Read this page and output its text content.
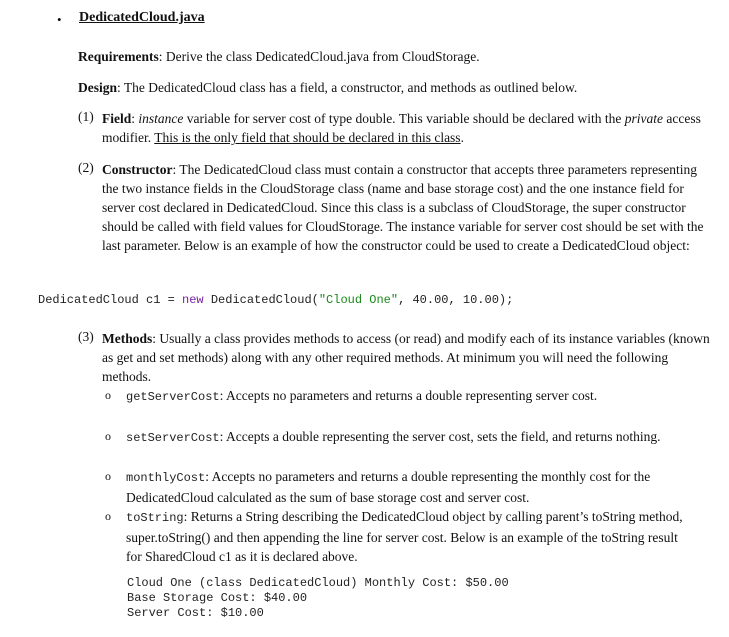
• DedicatedCloud.java
Requirements: Derive the class DedicatedCloud.java from CloudStorage.
Design: The DedicatedCloud class has a field, a constructor, and methods as outlined below.
(1) Field: instance variable for server cost of type double. This variable should be declared with the private access modifier. This is the only field that should be declared in this class.
(2) Constructor: The DedicatedCloud class must contain a constructor that accepts three parameters representing the two instance fields in the CloudStorage class (name and base storage cost) and the one instance field for server cost declared in DedicatedCloud. Since this class is a subclass of CloudStorage, the super constructor should be called with field values for CloudStorage. The instance variable for server cost should be set with the last parameter. Below is an example of how the constructor could be used to create a DedicatedCloud object:
DedicatedCloud c1 = new DedicatedCloud("Cloud One", 40.00, 10.00);
(3) Methods: Usually a class provides methods to access (or read) and modify each of its instance variables (known as get and set methods) along with any other required methods. At minimum you will need the following methods.
o getServerCost: Accepts no parameters and returns a double representing server cost.
o setServerCost: Accepts a double representing the server cost, sets the field, and returns nothing.
o monthlyCost: Accepts no parameters and returns a double representing the monthly cost for the DedicatedCloud calculated as the sum of base storage cost and server cost.
o toString: Returns a String describing the DedicatedCloud object by calling parent’s toString method, super.toString() and then appending the line for server cost. Below is an example of the toString result for SharedCloud c1 as it is declared above.
Cloud One (class DedicatedCloud) Monthly Cost: $50.00
Base Storage Cost: $40.00
Server Cost: $10.00
